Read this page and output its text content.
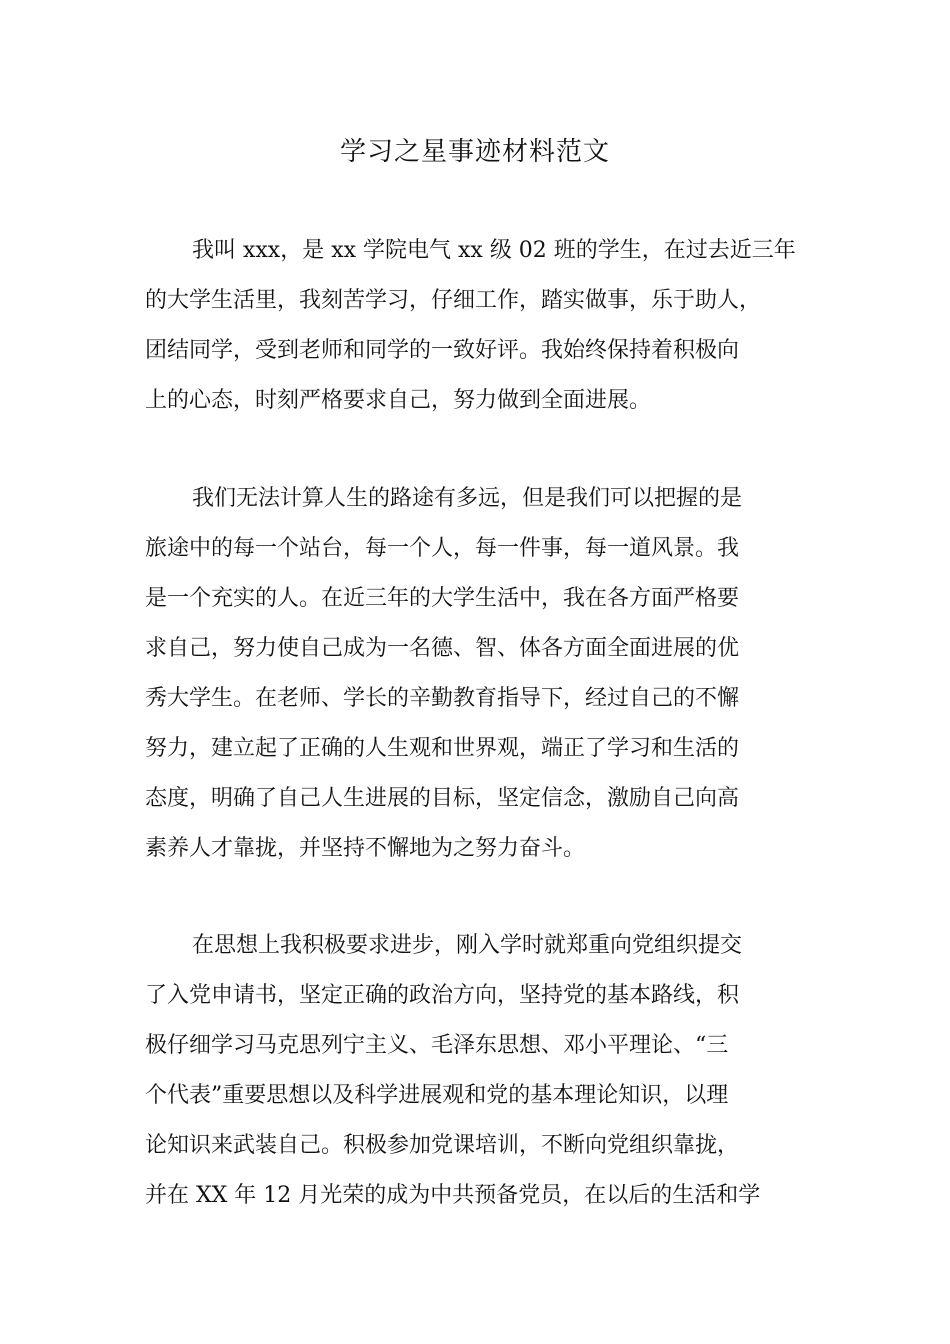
学习之星事迹材料范文

我叫 xxx，是 xx 学院电气 xx 级 02 班的学生，在过去近三年
的大学生活里，我刻苦学习，仔细工作，踏实做事，乐于助人，
团结同学，受到老师和同学的一致好评。我始终保持着积极向
上的心态，时刻严格要求自己，努力做到全面进展。

我们无法计算人生的路途有多远，但是我们可以把握的是
旅途中的每一个站台，每一个人，每一件事，每一道风景。我
是一个充实的人。在近三年的大学生活中，我在各方面严格要
求自己，努力使自己成为一名德、智、体各方面全面进展的优
秀大学生。在老师、学长的辛勤教育指导下，经过自己的不懈
努力，建立起了正确的人生观和世界观，端正了学习和生活的
态度，明确了自己人生进展的目标，坚定信念，激励自己向高
素养人才靠拢，并坚持不懈地为之努力奋斗。

在思想上我积极要求进步，刚入学时就郑重向党组织提交
了入党申请书，坚定正确的政治方向，坚持党的基本路线，积
极仔细学习马克思列宁主义、毛泽东思想、邓小平理论、“三
个代表”重要思想以及科学进展观和党的基本理论知识，以理
论知识来武装自己。积极参加党课培训，不断向党组织靠拢，
并在 XX 年 12 月光荣的成为中共预备党员，在以后的生活和学
